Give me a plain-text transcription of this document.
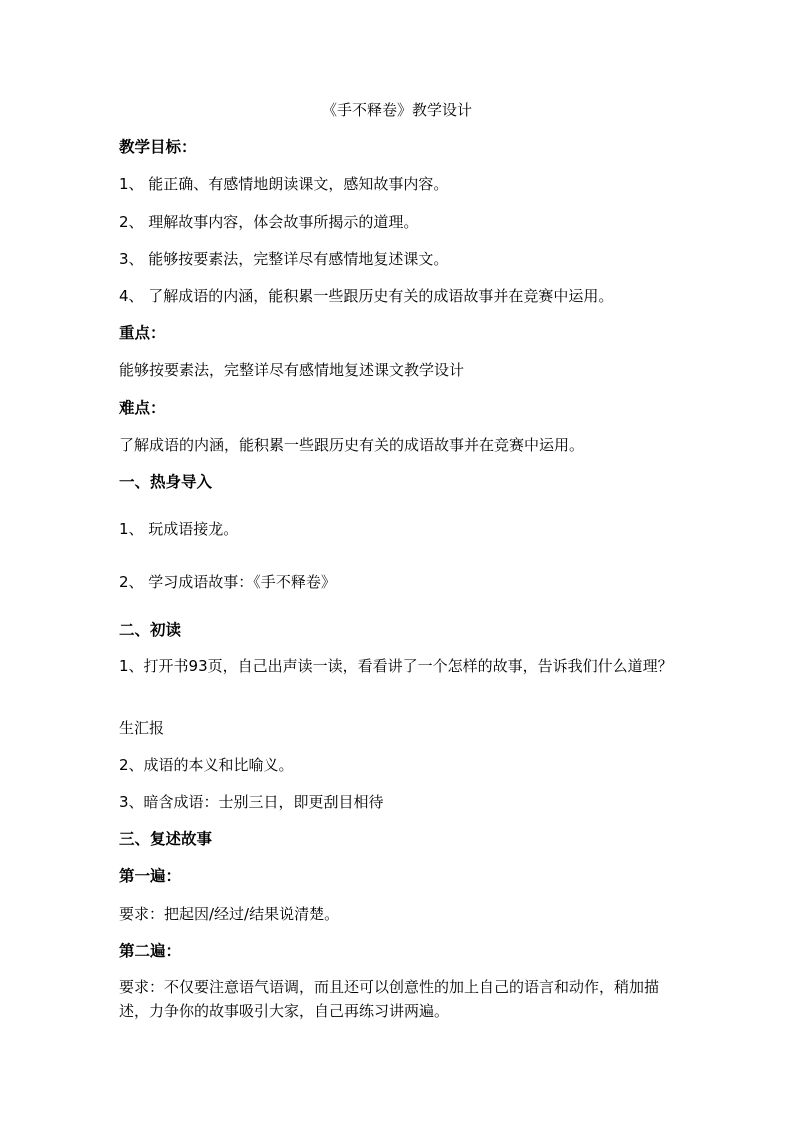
《手不释卷》教学设计
教学目标：
1、 能正确、有感情地朗读课文，感知故事内容。
2、 理解故事内容，体会故事所揭示的道理。
3、 能够按要素法，完整详尽有感情地复述课文。
4、 了解成语的内涵，能积累一些跟历史有关的成语故事并在竞赛中运用。
重点：
能够按要素法，完整详尽有感情地复述课文教学设计
难点：
了解成语的内涵，能积累一些跟历史有关的成语故事并在竞赛中运用。
一、热身导入
1、 玩成语接龙。
2、 学习成语故事：《手不释卷》
二、初读
1、打开书93页，自己出声读一读，看看讲了一个怎样的故事，告诉我们什么道理？
生汇报
2、成语的本义和比喻义。
3、暗含成语：士别三日，即更刮目相待
三、复述故事
第一遍：
要求：把起因/经过/结果说清楚。
第二遍：
要求：不仅要注意语气语调，而且还可以创意性的加上自己的语言和动作，稍加描述，力争你的故事吸引大家，自己再练习讲两遍。
